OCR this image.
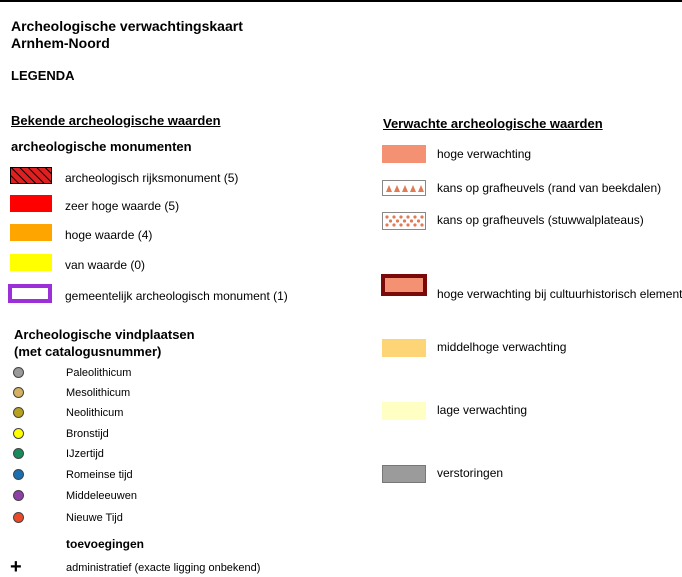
Archeologische verwachtingskaart
Arnhem-Noord
LEGENDA
Bekende archeologische waarden
archeologische monumenten
archeologisch rijksmonument (5)
zeer hoge waarde (5)
hoge waarde (4)
van waarde (0)
gemeentelijk archeologisch monument (1)
Archeologische vindplaatsen
(met catalogusnummer)
Paleolithicum
Mesolithicum
Neolithicum
Bronstijd
IJzertijd
Romeinse tijd
Middeleeuwen
Nieuwe Tijd
toevoegingen
+	administratief (exacte ligging onbekend)
Verwachte archeologische waarden
hoge verwachting
kans op grafheuvels (rand van beekdalen)
kans op grafheuvels (stuwwalplateaus)
hoge verwachting bij cultuurhistorisch element
middelhoge verwachting
lage verwachting
verstoringen
